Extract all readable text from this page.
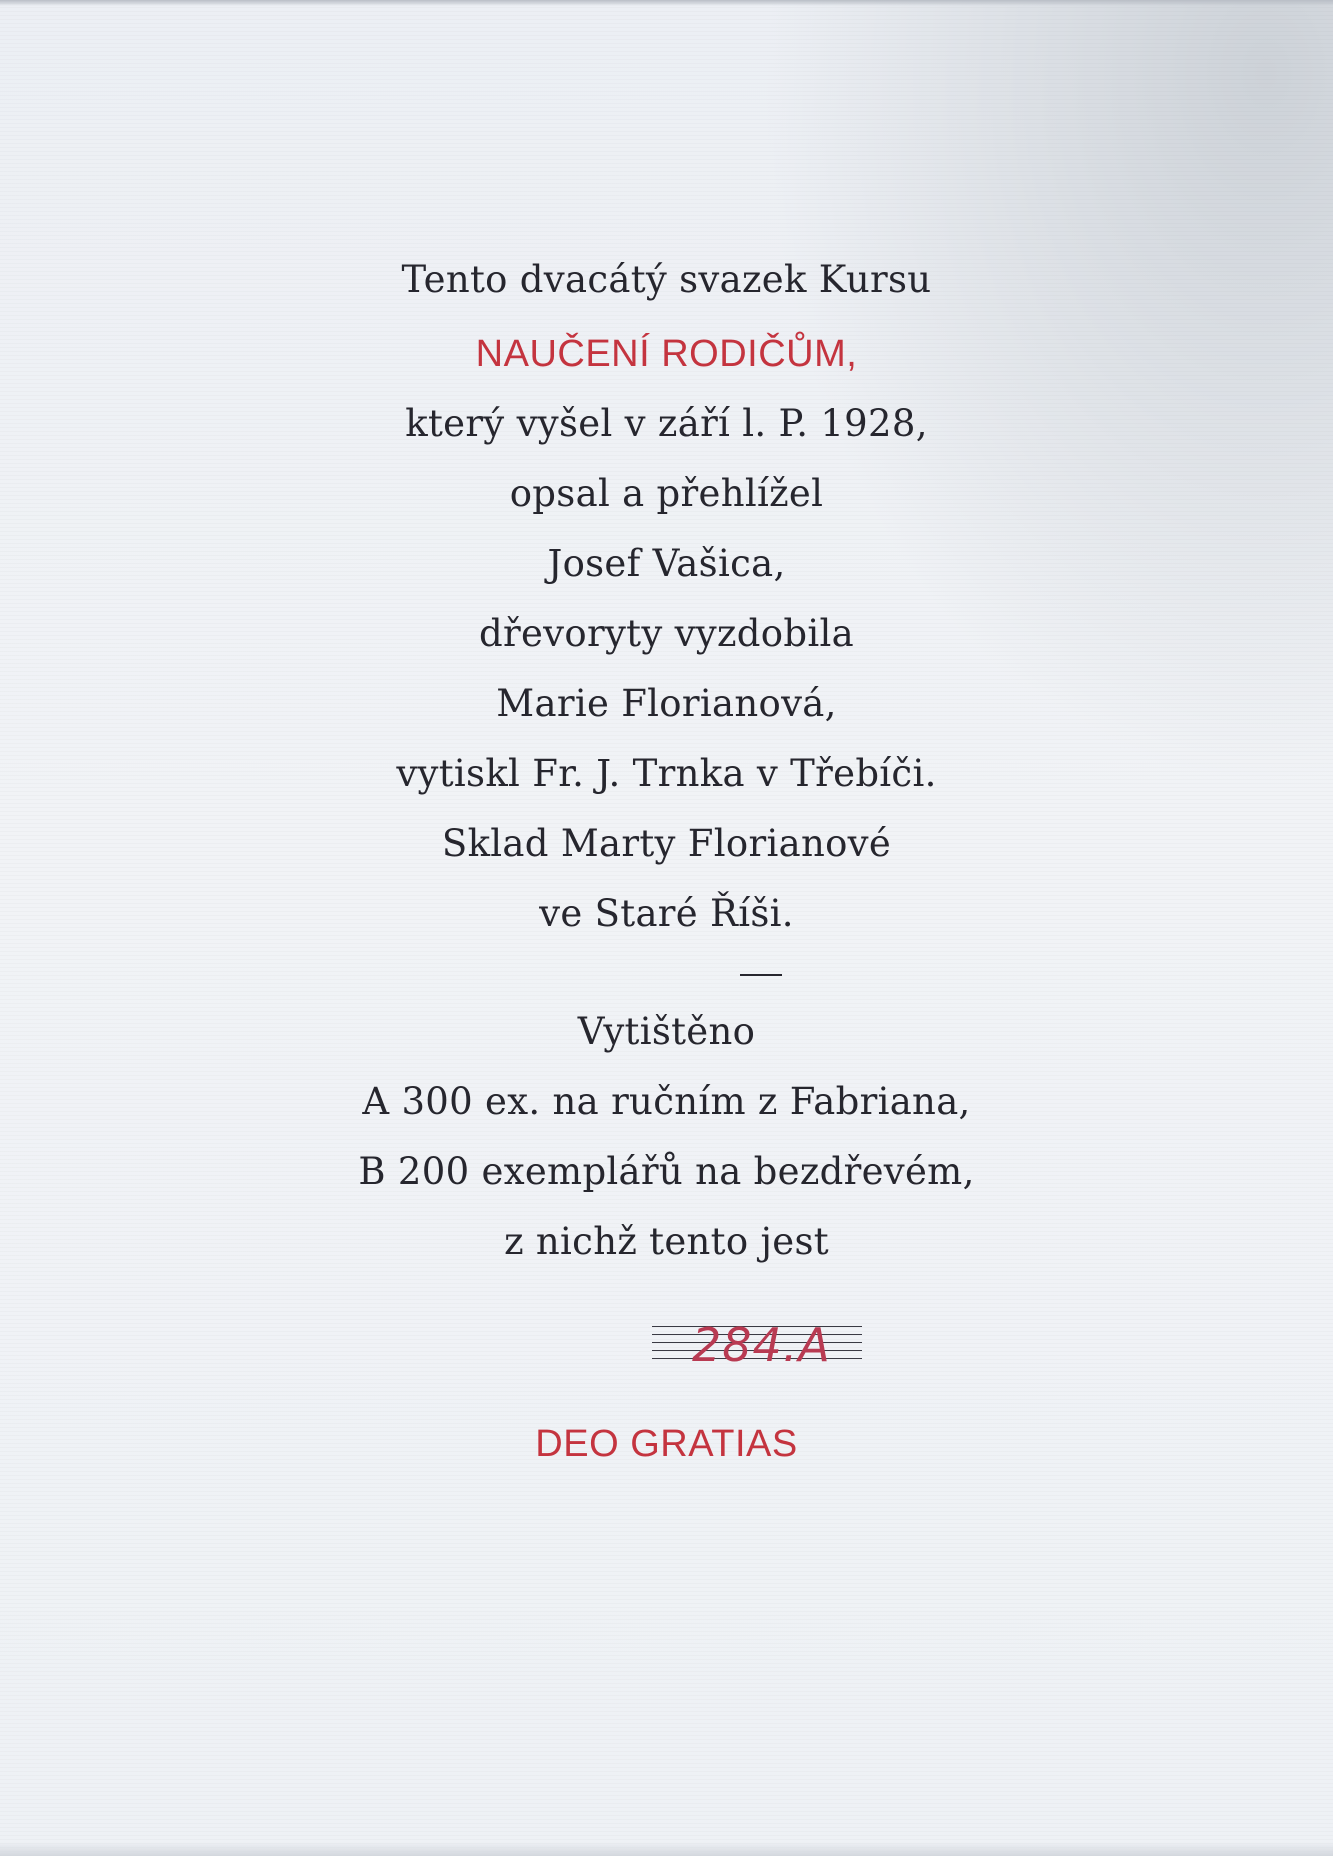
Tento dvacátý svazek Kursu
NAUČENÍ RODIČŮM,
který vyšel v září l. P. 1928,
opsal a přehlížel
Josef Vašica,
dřevoryty vyzdobila
Marie Florianová,
vytiskl Fr. J. Trnka v Třebíči.
Sklad Marty Florianové
ve Staré Říši.
Vytištěno
A 300 ex. na ručním z Fabriana,
B 200 exemplářů na bezdřevém,
z nichž tento jest
284.A
DEO GRATIAS
